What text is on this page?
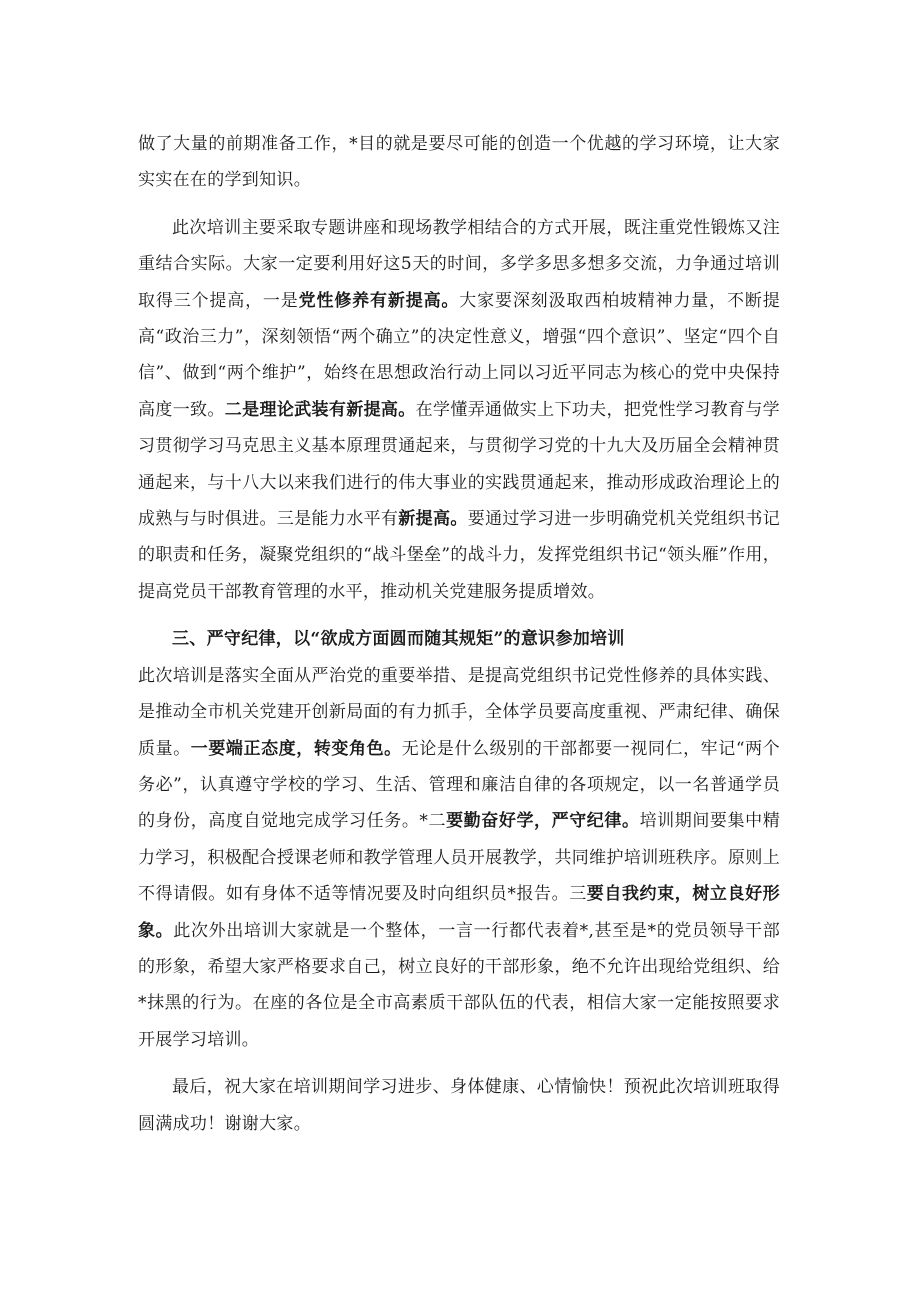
做了大量的前期准备工作，*目的就是要尽可能的创造一个优越的学习环境，让大家实实在在的学到知识。

此次培训主要采取专题讲座和现场教学相结合的方式开展，既注重党性锻炼又注重结合实际。大家一定要利用好这5天的时间，多学多思多想多交流，力争通过培训取得三个提高，一是党性修养有新提高。大家要深刻汲取西柏坡精神力量，不断提高“政治三力”，深刻领悟“两个确立”的决定性意义，增强“四个意识”、坚定“四个自信”、做到“两个维护”，始终在思想政治行动上同以习近平同志为核心的党中央保持高度一致。二是理论武装有新提高。在学懂弄通做实上下功夫，把党性学习教育与学习贯彻学习马克思主义基本原理贯通起来，与贯彻学习党的十九大及历届全会精神贯通起来，与十八大以来我们进行的伟大事业的实践贯通起来，推动形成政治理论上的成熟与与时俱进。三是能力水平有新提高。要通过学习进一步明确党机关党组织书记的职责和任务，凝聚党组织的“战斗堡垒”的战斗力，发挥党组织书记“领头雁”作用，提高党员干部教育管理的水平，推动机关党建服务提质增效。

三、严守纪律，以“欲成方面圆而随其规矩”的意识参加培训

此次培训是落实全面从严治党的重要举措、是提高党组织书记党性修养的具体实践、是推动全市机关党建开创新局面的有力抓手，全体学员要高度重视、严肃纪律、确保质量。一要端正态度，转变角色。无论是什么级别的干部都要一视同仁，牢记“两个务必”，认真遵守学校的学习、生活、管理和廉洁自律的各项规定，以一名普通学员的身份，高度自觉地完成学习任务。*二要勤奋好学，严守纪律。培训期间要集中精力学习，积极配合授课老师和教学管理人员开展教学，共同维护培训班秩序。原则上不得请假。如有身体不适等情况要及时向组织员*报告。三要自我约束，树立良好形象。此次外出培训大家就是一个整体，一言一行都代表着*,甚至是*的党员领导干部的形象，希望大家严格要求自己，树立良好的干部形象，绝不允许出现给党组织、给*抹黑的行为。在座的各位是全市高素质干部队伍的代表，相信大家一定能按照要求开展学习培训。

最后，祝大家在培训期间学习进步、身体健康、心情愉快！预祝此次培训班取得圆满成功！谢谢大家。
